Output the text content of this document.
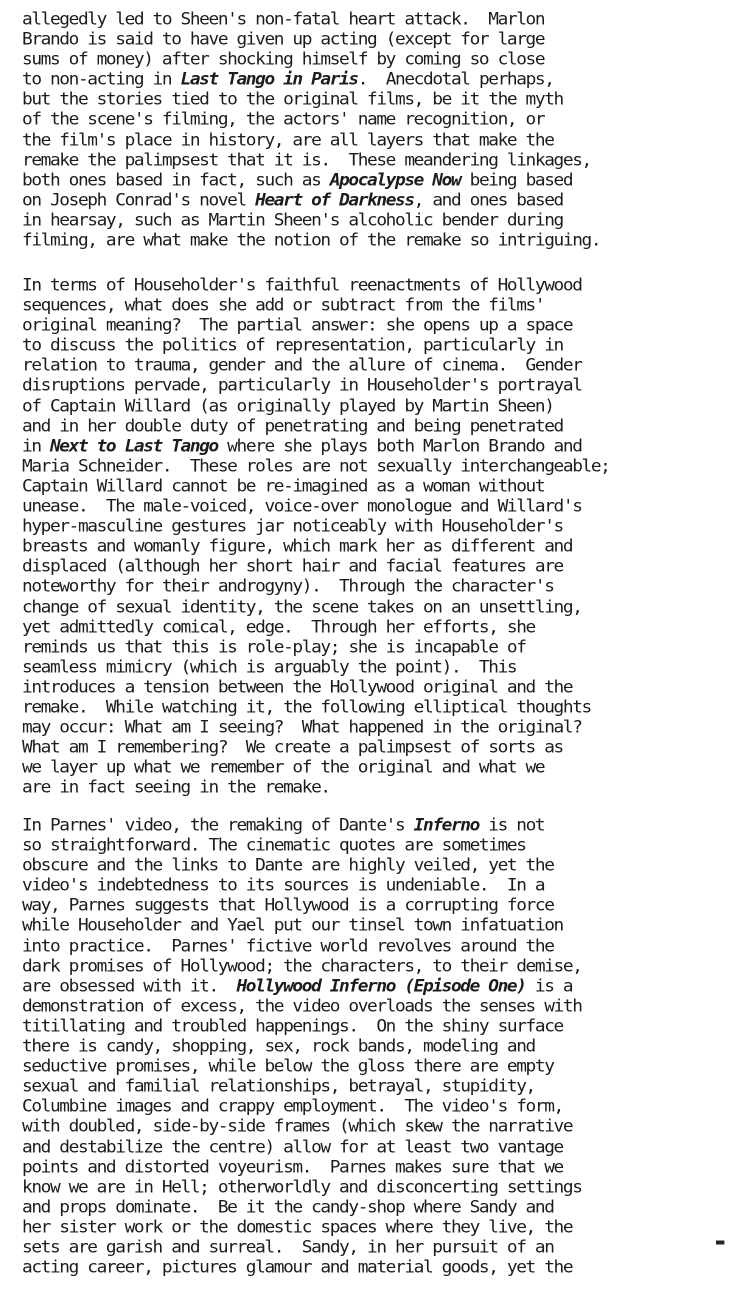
allegedly led to Sheen's non-fatal heart attack.  Marlon
Brando is said to have given up acting (except for large
sums of money) after shocking himself by coming so close
to non-acting in Last Tango in Paris.  Anecdotal perhaps,
but the stories tied to the original films, be it the myth
of the scene's filming, the actors' name recognition, or
the film's place in history, are all layers that make the
remake the palimpsest that it is.  These meandering linkages,
both ones based in fact, such as Apocalypse Now being based
on Joseph Conrad's novel Heart of Darkness, and ones based
in hearsay, such as Martin Sheen's alcoholic bender during
filming, are what make the notion of the remake so intriguing.
In terms of Householder's faithful reenactments of Hollywood
sequences, what does she add or subtract from the films'
original meaning?  The partial answer: she opens up a space
to discuss the politics of representation, particularly in
relation to trauma, gender and the allure of cinema.  Gender
disruptions pervade, particularly in Householder's portrayal
of Captain Willard (as originally played by Martin Sheen)
and in her double duty of penetrating and being penetrated
in Next to Last Tango where she plays both Marlon Brando and
Maria Schneider.  These roles are not sexually interchangeable;
Captain Willard cannot be re-imagined as a woman without
unease.  The male-voiced, voice-over monologue and Willard's
hyper-masculine gestures jar noticeably with Householder's
breasts and womanly figure, which mark her as different and
displaced (although her short hair and facial features are
noteworthy for their androgyny).  Through the character's
change of sexual identity, the scene takes on an unsettling,
yet admittedly comical, edge.  Through her efforts, she
reminds us that this is role-play; she is incapable of
seamless mimicry (which is arguably the point).  This
introduces a tension between the Hollywood original and the
remake.  While watching it, the following elliptical thoughts
may occur: What am I seeing?  What happened in the original?
What am I remembering?  We create a palimpsest of sorts as
we layer up what we remember of the original and what we
are in fact seeing in the remake.
In Parnes' video, the remaking of Dante's Inferno is not
so straightforward. The cinematic quotes are sometimes
obscure and the links to Dante are highly veiled, yet the
video's indebtedness to its sources is undeniable.  In a
way, Parnes suggests that Hollywood is a corrupting force
while Householder and Yael put our tinsel town infatuation
into practice.  Parnes' fictive world revolves around the
dark promises of Hollywood; the characters, to their demise,
are obsessed with it.  Hollywood Inferno (Episode One) is a
demonstration of excess, the video overloads the senses with
titillating and troubled happenings.  On the shiny surface
there is candy, shopping, sex, rock bands, modeling and
seductive promises, while below the gloss there are empty
sexual and familial relationships, betrayal, stupidity,
Columbine images and crappy employment.  The video's form,
with doubled, side-by-side frames (which skew the narrative
and destabilize the centre) allow for at least two vantage
points and distorted voyeurism.  Parnes makes sure that we
know we are in Hell; otherworldly and disconcerting settings
and props dominate.  Be it the candy-shop where Sandy and
her sister work or the domestic spaces where they live, the
sets are garish and surreal.  Sandy, in her pursuit of an
acting career, pictures glamour and material goods, yet the
▬
